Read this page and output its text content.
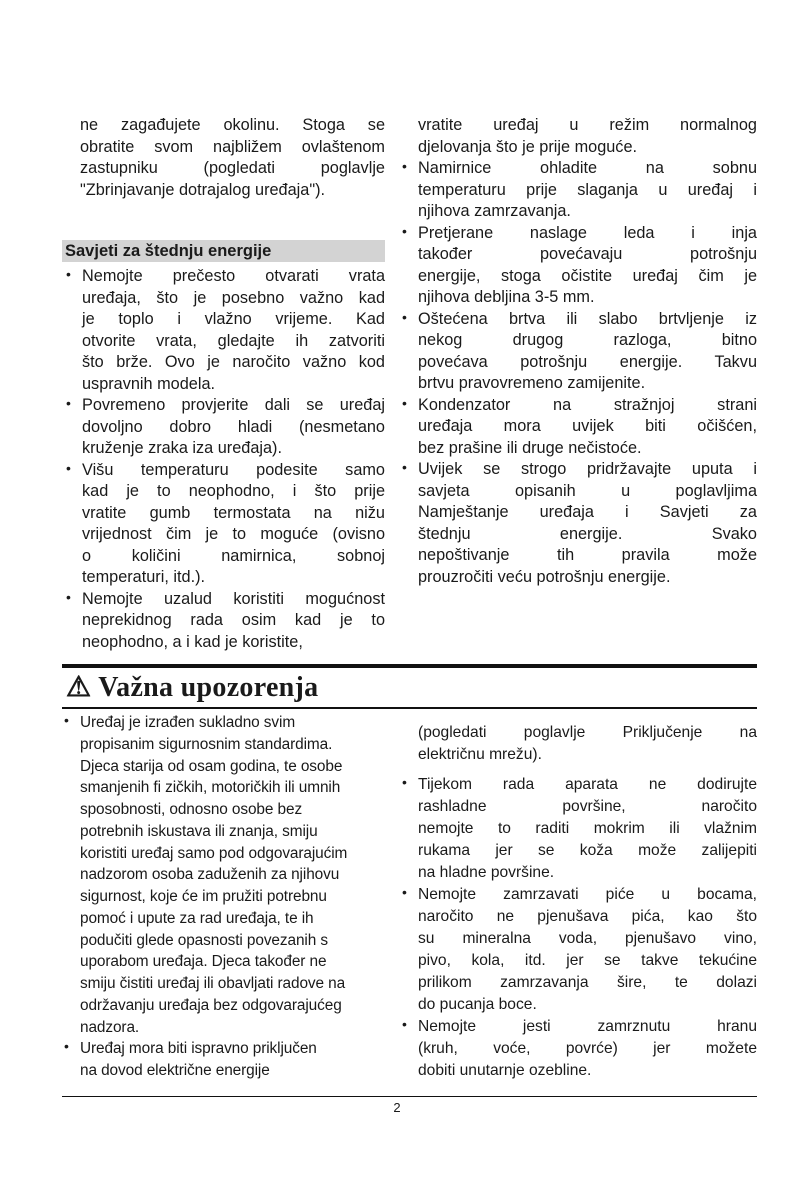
ne zagađujete okolinu. Stoga se
obratite svom najbližem ovlaštenom
zastupniku (pogledati poglavlje
"Zbrinjavanje dotrajalog uređaja").
Savjeti za štednju energije
• Nemojte prečesto otvarati vrata
uređaja, što je posebno važno kad
je toplo i vlažno vrijeme. Kad
otvorite vrata, gledajte ih zatvoriti
što brže. Ovo je naročito važno kod
uspravnih modela.
• Povremeno provjerite dali se uređaj
dovoljno dobro hladi (nesmetano
kruženje zraka iza uređaja).
• Višu temperaturu podesite samo
kad je to neophodno, i što prije
vratite gumb termostata na nižu
vrijednost čim je to moguće (ovisno
o količini namirnica, sobnoj
temperaturi, itd.).
• Nemojte uzalud koristiti mogućnost
neprekidnog rada osim kad je to
neophodno, a i kad je koristite,
vratite uređaj u režim normalnog
djelovanja što je prije moguće.
• Namirnice ohladite na sobnu
temperaturu prije slaganja u uređaj i
njihova zamrzavanja.
• Pretjerane naslage leda i inja
također povećavaju potrošnju
energije, stoga očistite uređaj čim je
njihova debljina 3-5 mm.
• Oštećena brtva ili slabo brtvljenje iz
nekog drugog razloga, bitno
povećava potrošnju energije. Takvu
brtvu pravovremeno zamijenite.
• Kondenzator na stražnjoj strani
uređaja mora uvijek biti očišćen,
bez prašine ili druge nečistoće.
• Uvijek se strogo pridržavajte uputa i
savjeta opisanih u poglavljima
Namještanje uređaja i Savjeti za
štednju energije. Svako
nepoštivanje tih pravila može
prouzročiti veću potrošnju energije.
⚠ Važna upozorenja
• Uređaj je izrađen sukladno svim
propisanim sigurnosnim standardima.
Djeca starija od osam godina, te osobe
smanjenih fi zičkih, motoričkih ili umnih
sposobnosti, odnosno osobe bez
potrebnih iskustava ili znanja, smiju
koristiti uređaj samo pod odgovarajućim
nadzorom osoba zaduženih za njihovu
sigurnost, koje će im pružiti potrebnu
pomoć i upute za rad uređaja, te ih
podučiti glede opasnosti povezanih s
uporabom uređaja. Djeca također ne
smiju čistiti uređaj ili obavljati radove na
održavanju uređaja bez odgovarajućeg
nadzora.
• Uređaj mora biti ispravno priključen
na dovod električne energije
(pogledati poglavlje Priključenje na
električnu mrežu).
• Tijekom rada aparata ne dodirujte
rashladne površine, naročito
nemojte to raditi mokrim ili vlažnim
rukama jer se koža može zalijepiti
na hladne površine.
• Nemojte zamrzavati piće u bocama,
naročito ne pjenušava pića, kao što
su mineralna voda, pjenušavo vino,
pivo, kola, itd. jer se takve tekućine
prilikom zamrzavanja šire, te dolazi
do pucanja boce.
• Nemojte jesti zamrznutu hranu
(kruh, voće, povrće) jer možete
dobiti unutarnje ozebline.
2
